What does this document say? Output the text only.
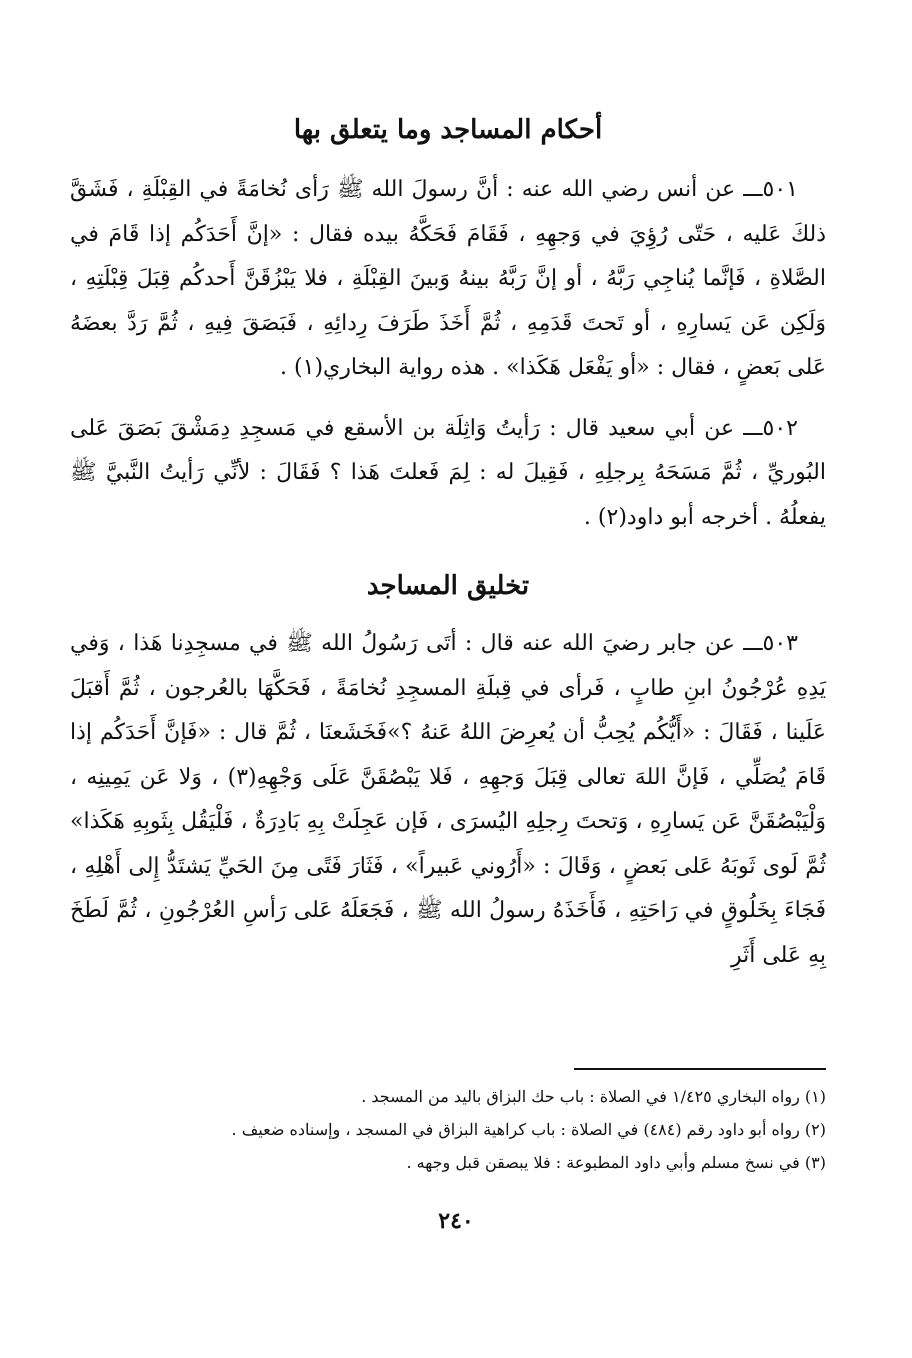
أحكام المساجد وما يتعلق بها

٥٠١ـــ عن أنس رضي الله عنه : أنَّ رسولَ الله ﷺ رَأى نُخامَةً في القِبْلَةِ ، فَشَقَّ ذلكَ عَليه ، حَتّى رُؤِيَ في وَجهِهِ ، فَقَامَ فَحَكَّهُ بيده فقال : «إنَّ أَحَدَكُم إذا قَامَ في الصَّلاةِ ، فَإنَّما يُناجِي رَبَّهُ ، أو إنَّ رَبَّهُ بينهُ وَبينَ القِبْلَةِ ، فلا يَبْزُقَنَّ أَحدكُم قِبَلَ قِبْلَتِهِ ، وَلَكِن عَن يَسارِهِ ، أو تَحتَ قَدَمِهِ ، ثُمَّ أَخَذَ طَرَفَ رِدائِهِ ، فَبَصَقَ فِيهِ ، ثُمَّ رَدَّ بعضَهُ عَلى بَعضٍ ، فقال : «أو يَفْعَل هَكَذا» . هذه رواية البخاري(١) .

٥٠٢ـــ عن أبي سعيد قال : رَأيتُ وَاثِلَة بن الأسقع في مَسجِدِ دِمَشْقَ بَصَقَ عَلى البُوريِّ ، ثُمَّ مَسَحَهُ بِرجلِهِ ، فَقِيلَ له : لِمَ فَعلتَ هَذا ؟ فَقَالَ : لأنِّي رَأيتُ النَّبيَّ ﷺ يفعلُهُ . أخرجه أبو داود(٢) .

تخليق المساجد

٥٠٣ـــ عن جابر رضيَ الله عنه قال : أتَى رَسُولُ الله ﷺ في مسجِدِنا هَذا ، وَفي يَدِهِ عُرْجُونُ ابنِ طابٍ ، فَرأى في قِبلَةِ المسجِدِ نُخامَةً ، فَحَكَّهَا بالعُرجون ، ثُمَّ أَقبَلَ عَلَينا ، فَقَالَ : «أَيُّكُم يُحِبُّ أن يُعرِضَ اللهُ عَنهُ ؟»فَخَشَعنَا ، ثُمَّ قال : «فَإنَّ أَحَدَكُم إذا قَامَ يُصَلِّي ، فَإنَّ اللهَ تعالى قِبَلَ وَجهِهِ ، فَلا يَبْصُقَنَّ عَلَى وَجْهِهِ(٣) ، وَلا عَن يَمِينِه ، وَلْيَبْصُقَنَّ عَن يَسارِهِ ، وَتحتَ رِجلِهِ اليُسرَى ، فَإن عَجِلَتْ بِهِ بَادِرَةٌ ، فَلْيَقُل بِثَوبِهِ هَكَذا» ثُمَّ لَوى ثَوبَهُ عَلى بَعضٍ ، وَقَالَ : «أَرُوني عَبيراً» ، فَثَارَ فَتًى مِنَ الحَيِّ يَشتَدُّ إِلى أَهْلِهِ ، فَجَاءَ بِخَلُوقٍ في رَاحَتِهِ ، فَأَخَذَهُ رسولُ الله ﷺ ، فَجَعَلَهُ عَلى رَأسِ العُرْجُونِ ، ثُمَّ لَطَخَ بِهِ عَلى أَثَرِ

(١) رواه البخاري ١/٤٢٥ في الصلاة : باب حك البزاق باليد من المسجد .

(٢) رواه أبو داود رقم (٤٨٤) في الصلاة : باب كراهية البزاق في المسجد ، وإسناده ضعيف .

(٣) في نسخ مسلم وأبي داود المطبوعة : فلا يبصقن قبل وجهه .

٢٤٠
